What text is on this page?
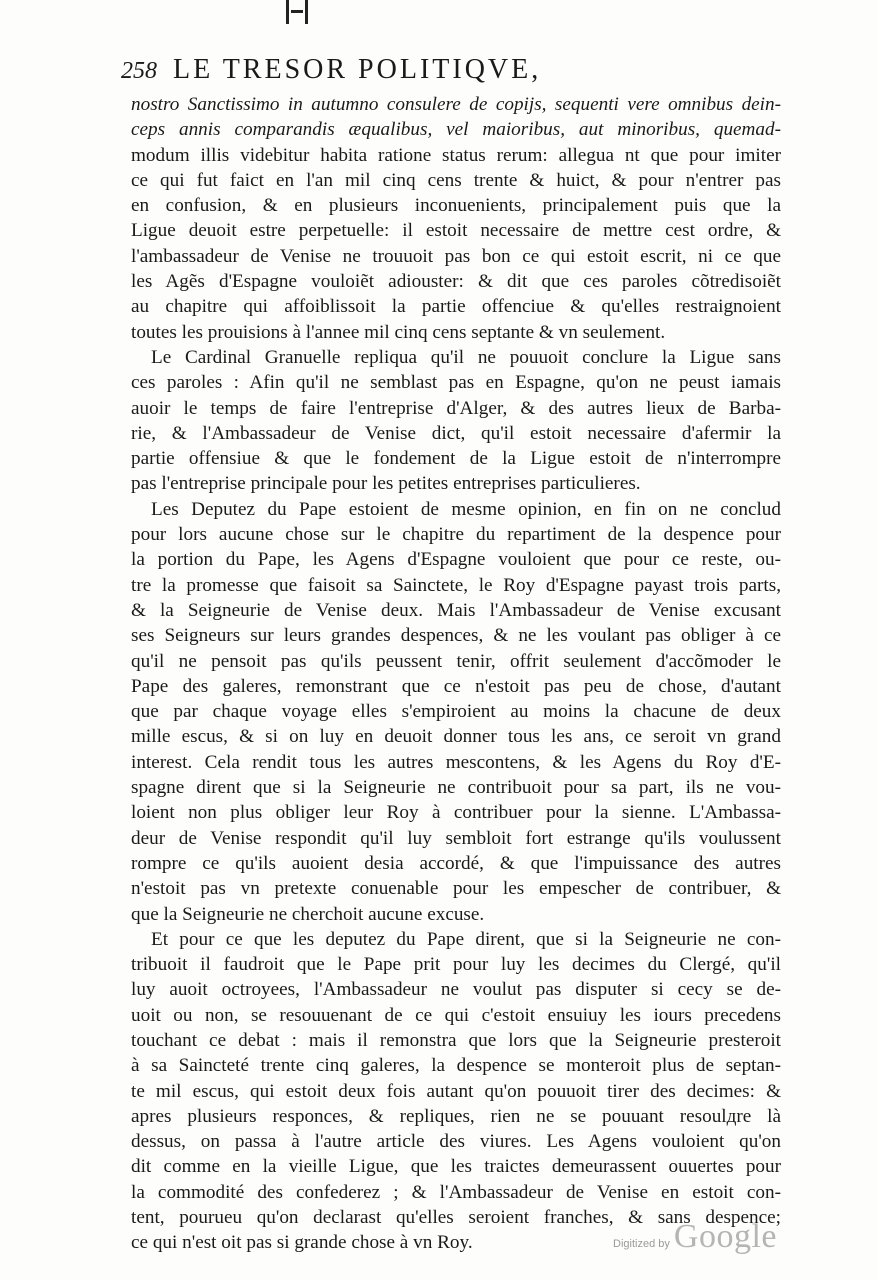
258 LE TRESOR POLITIQVE,
nostro Sanctissimo in autumno consulere de copijs, sequenti vere omnibus dein-
ceps annis comparandis æqualibus, vel maioribus, aut minoribus, quemad-
modum illis videbitur habita ratione status rerum: allegua nt que pour imiter
ce qui fut faict en l'an mil cinq cens trente & huict, & pour n'entrer pas
en confusion, & en plusieurs inconuenients, principalement puis que la
Ligue deuoit estre perpetuelle: il estoit necessaire de mettre cest ordre, &
l'ambassadeur de Venise ne trouuoit pas bon ce qui estoit escrit, ni ce que
les Agẽs d'Espagne vouloiẽt adiouster: & dit que ces paroles cõtredisoiẽt
au chapitre qui affoiblissoit la partie offenciue & qu'elles restraignoient
toutes les prouisions à l'annee mil cinq cens septante & vn seulement.
Le Cardinal Granuelle repliqua qu'il ne pouuoit conclure la Ligue sans
ces paroles : Afin qu'il ne semblast pas en Espagne, qu'on ne peust iamais
auoir le temps de faire l'entreprise d'Alger, & des autres lieux de Barba-
rie, & l'Ambassadeur de Venise dict, qu'il estoit necessaire d'afermir la
partie offensiue & que le fondement de la Ligue estoit de n'interrompre
pas l'entreprise principale pour les petites entreprises particulieres.
Les Deputez du Pape estoient de mesme opinion, en fin on ne conclud
pour lors aucune chose sur le chapitre du repartiment de la despence pour
la portion du Pape, les Agens d'Espagne vouloient que pour ce reste, ou-
tre la promesse que faisoit sa Sainctete, le Roy d'Espagne payast trois parts,
& la Seigneurie de Venise deux. Mais l'Ambassadeur de Venise excusant
ses Seigneurs sur leurs grandes despences, & ne les voulant pas obliger à ce
qu'il ne pensoit pas qu'ils peussent tenir, offrit seulement d'accõmoder le
Pape des galeres, remonstrant que ce n'estoit pas peu de chose, d'autant
que par chaque voyage elles s'empiroient au moins la chacune de deux
mille escus, & si on luy en deuoit donner tous les ans, ce seroit vn grand
interest. Cela rendit tous les autres mescontens, & les Agens du Roy d'E-
spagne dirent que si la Seigneurie ne contribuoit pour sa part, ils ne vou-
loient non plus obliger leur Roy à contribuer pour la sienne. L'Ambassa-
deur de Venise respondit qu'il luy sembloit fort estrange qu'ils voulussent
rompre ce qu'ils auoient desia accordé, & que l'impuissance des autres
n'estoit pas vn pretexte conuenable pour les empescher de contribuer, &
que la Seigneurie ne cherchoit aucune excuse.
Et pour ce que les deputez du Pape dirent, que si la Seigneurie ne con-
tribuoit il faudroit que le Pape prit pour luy les decimes du Clergé, qu'il
luy auoit octroyees, l'Ambassadeur ne voulut pas disputer si cecy se de-
uoit ou non, se resouuenant de ce qui c'estoit ensuiuy les iours precedens
touchant ce debat : mais il remonstra que lors que la Seigneurie presteroit
à sa Saincteté trente cinq galeres, la despence se monteroit plus de septan-
te mil escus, qui estoit deux fois autant qu'on pouuoit tirer des decimes: &
apres plusieurs responces, & repliques, rien ne se pouuant resoulдre là
dessus, on passa à l'autre article des viures. Les Agens vouloient qu'on
dit comme en la vieille Ligue, que les traictes demeurassent ouuertes pour
la commodité des confederez ; & l'Ambassadeur de Venise en estoit con-
tent, pourueu qu'on declarast qu'elles seroient franches, & sans despence;
ce qui n'est oit pas si grande chose à vn Roy.	Digitized by Google
